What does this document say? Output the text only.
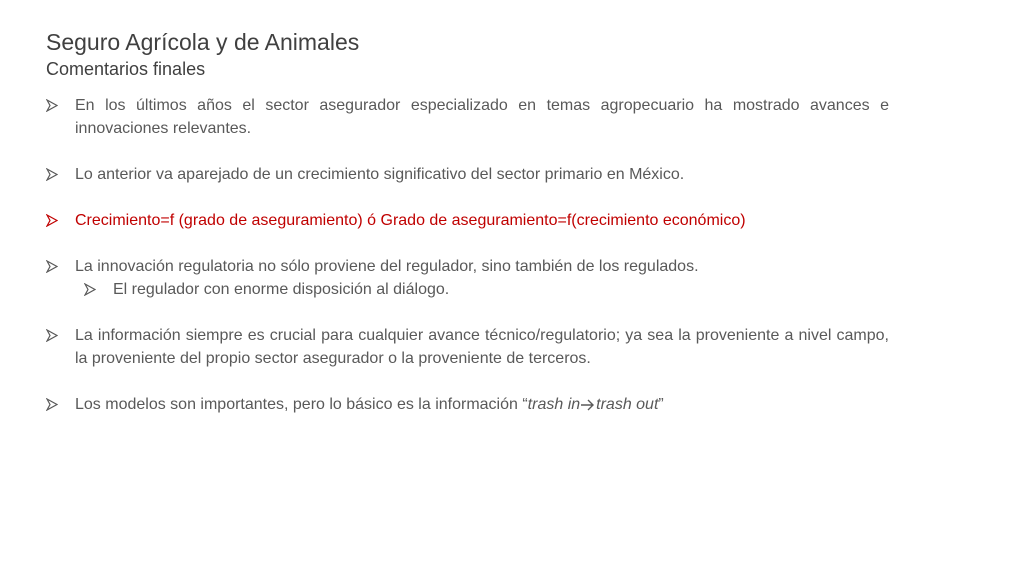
Seguro Agrícola y de Animales
Comentarios finales
En los últimos años el sector asegurador especializado en temas agropecuario ha mostrado avances e innovaciones relevantes.
Lo anterior va aparejado de un crecimiento significativo del sector primario en México.
Crecimiento=f (grado de aseguramiento) ó Grado de aseguramiento=f(crecimiento económico)
La innovación regulatoria no sólo proviene del regulador, sino también de los regulados.
El regulador con enorme disposición al diálogo.
La información siempre es crucial para cualquier avance técnico/regulatorio; ya sea la proveniente a nivel campo, la proveniente del propio sector asegurador o la proveniente de terceros.
Los modelos son importantes, pero lo básico es la información “trash in trash out”
